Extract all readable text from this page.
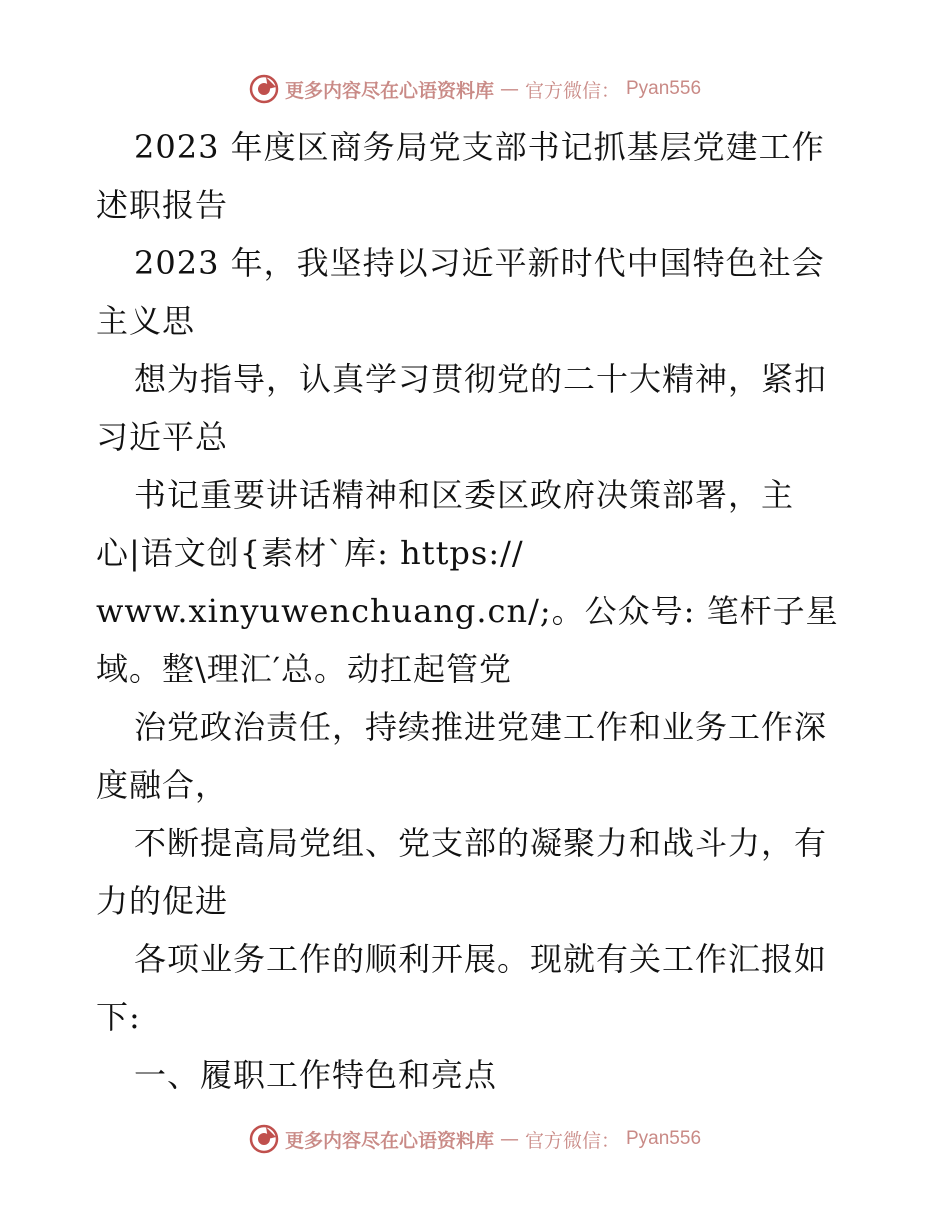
更多内容尽在心语资料库 — 官方微信： Pyan556
2023 年度区商务局党支部书记抓基层党建工作
述职报告
2023 年，我坚持以习近平新时代中国特色社会
主义思
想为指导，认真学习贯彻党的二十大精神，紧扣
习近平总
书记重要讲话精神和区委区政府决策部署，主
心|语文创{素材`库: https://
www.xinyuwenchuang.cn/;。公众号: 笔杆子星
域。整\理汇′总。动扛起管党
治党政治责任，持续推进党建工作和业务工作深
度融合，
不断提高局党组、党支部的凝聚力和战斗力，有
力的促进
各项业务工作的顺利开展。现就有关工作汇报如
下:
一、履职工作特色和亮点
更多内容尽在心语资料库 — 官方微信： Pyan556
